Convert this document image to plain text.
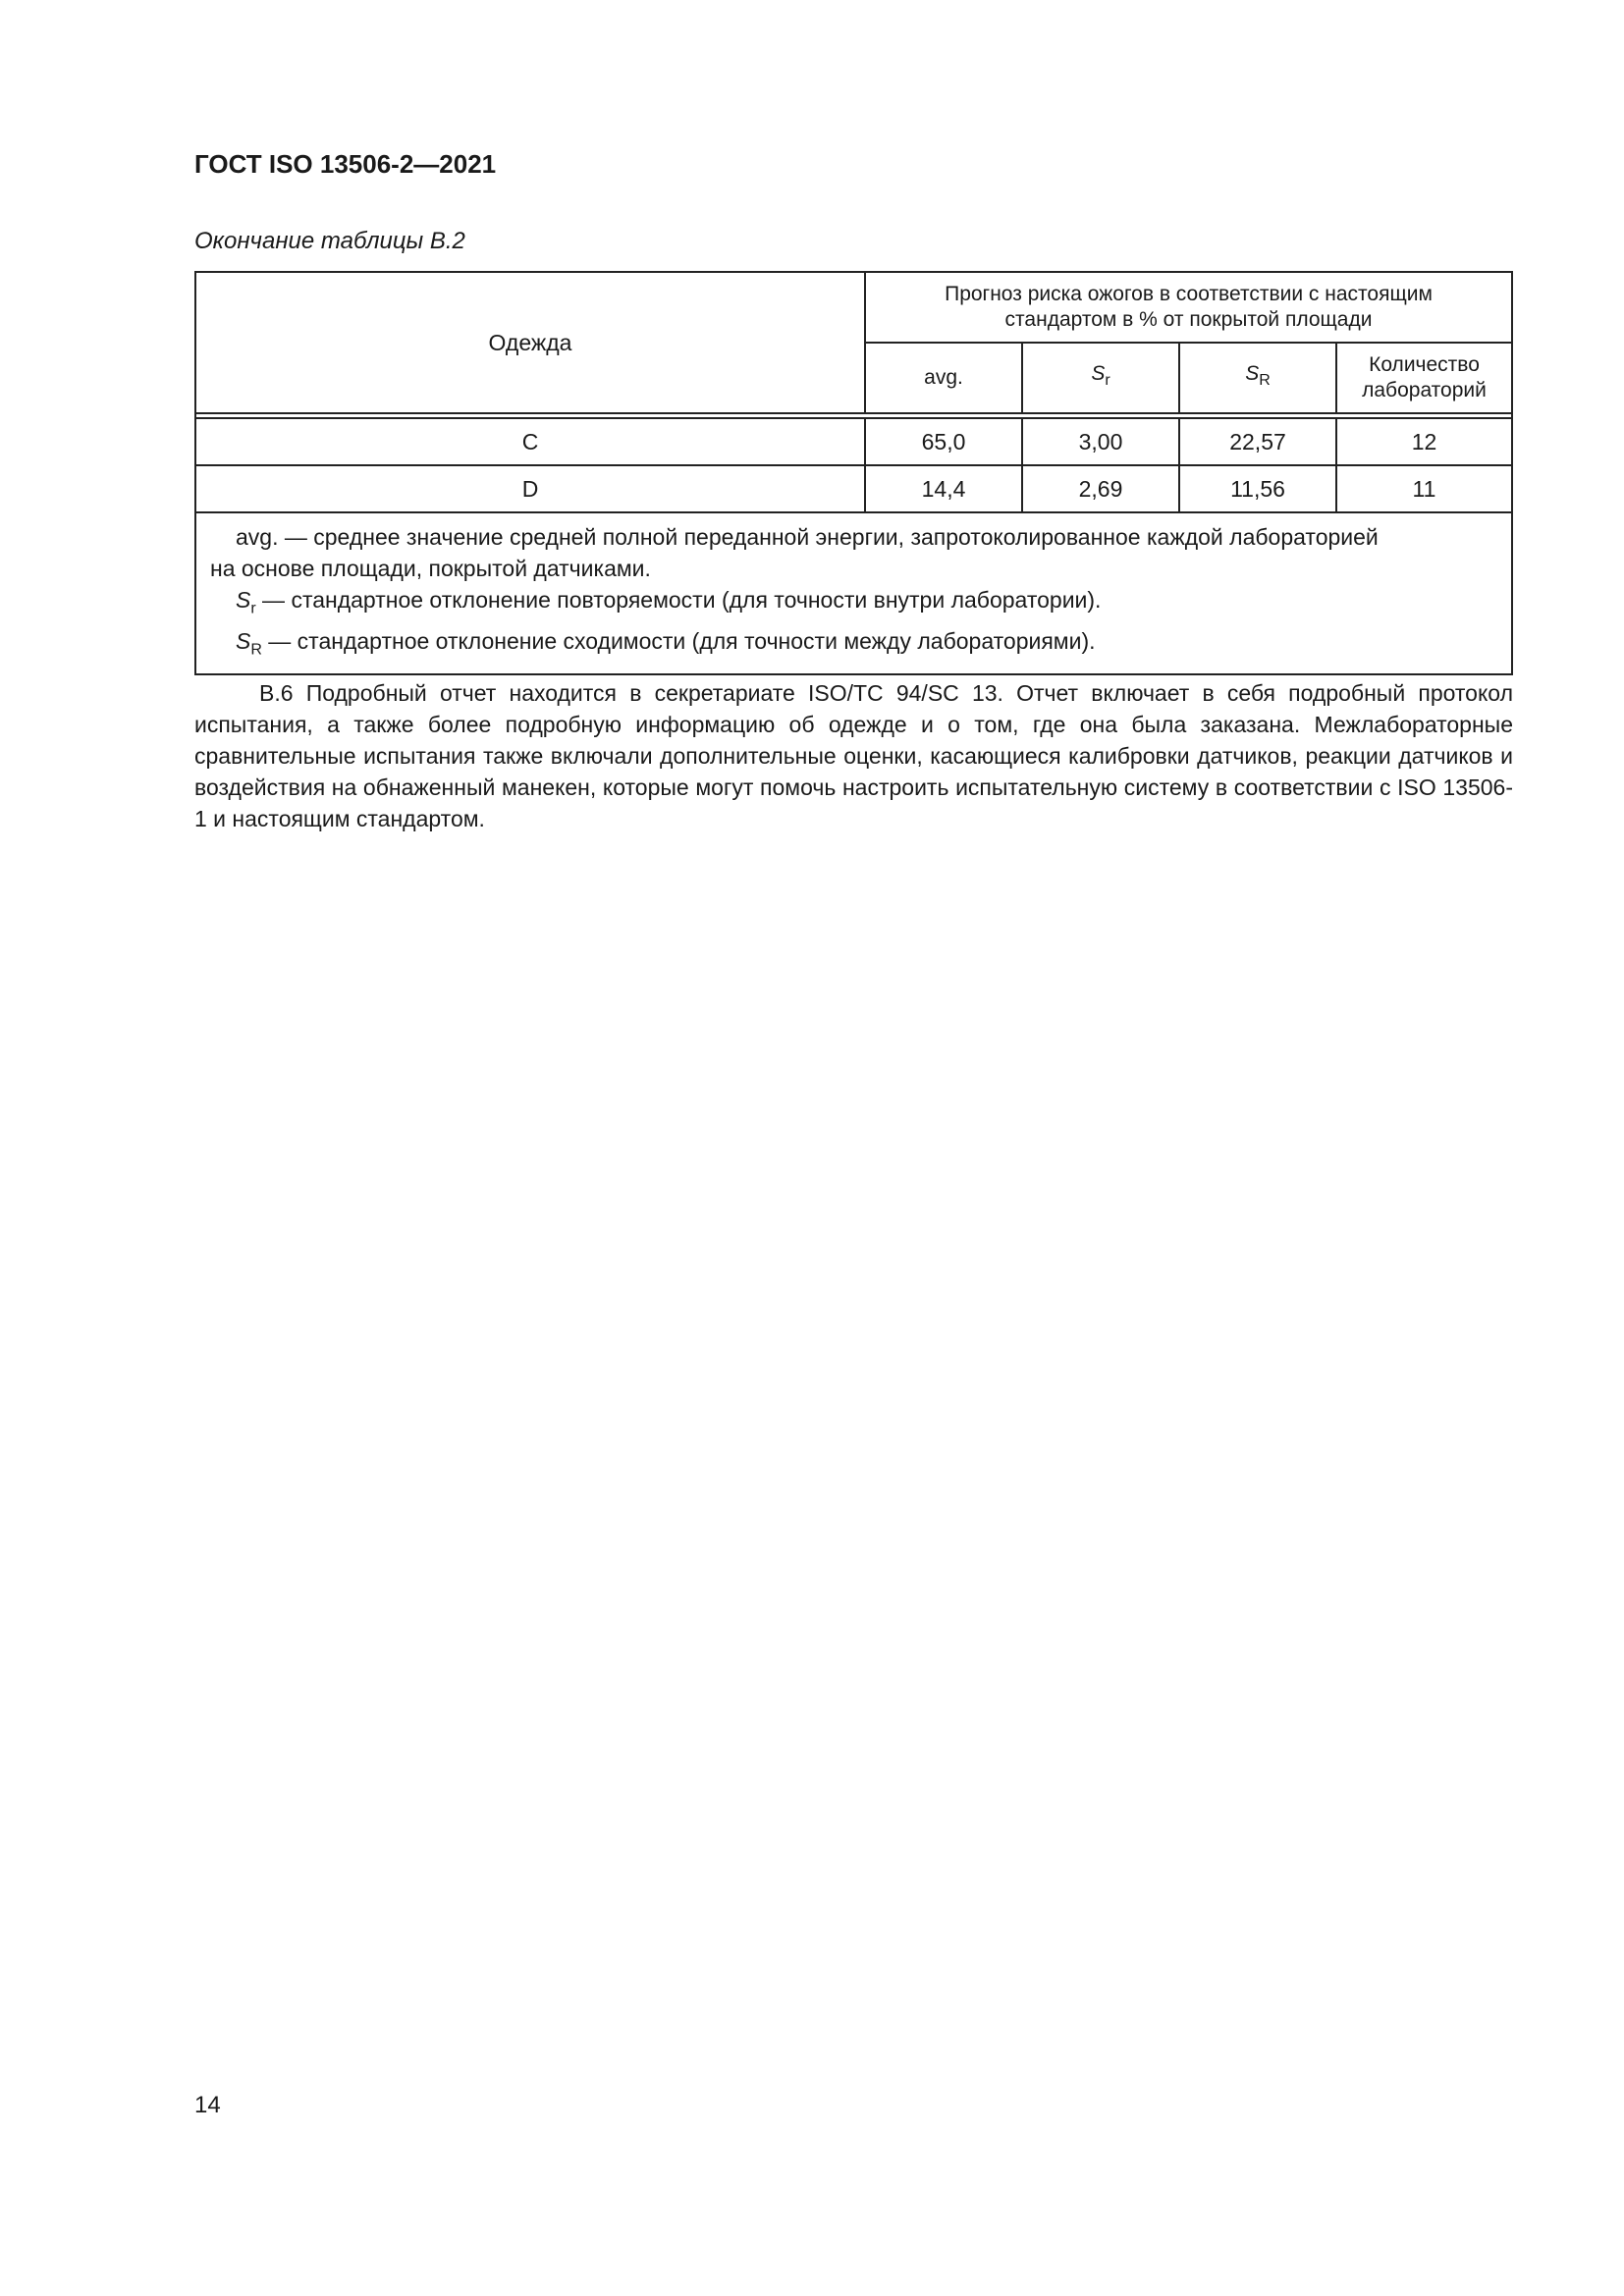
ГОСТ ISO 13506-2—2021
Окончание таблицы В.2
Одежда	Прогноз риска ожогов в соответствии с настоящим
стандартом в % от покрытой площади			
	avg.	$S_r$	$S_R$	Количество
лабораторий

C	65,0	3,00	22,57	12
D	14,4	2,69	11,56	11

avg. — среднее значение средней полной переданной энергии, запротоколированное каждой лабораторией
на основе площади, покрытой датчиками.
$S_r$ — стандартное отклонение повторяемости (для точности внутри лаборатории).
$S_R$ — стандартное отклонение сходимости (для точности между лабораториями).				
В.6 Подробный отчет находится в секретариате ISO/TC 94/SC 13. Отчет включает в себя подробный протокол испытания, а также более подробную информацию об одежде и о том, где она была заказана. Межлабораторные сравнительные испытания также включали дополнительные оценки, касающиеся калибровки датчиков, реакции датчиков и воздействия на обнаженный манекен, которые могут помочь настроить испытательную систему в соответствии с ISO 13506-1 и настоящим стандартом.
14
